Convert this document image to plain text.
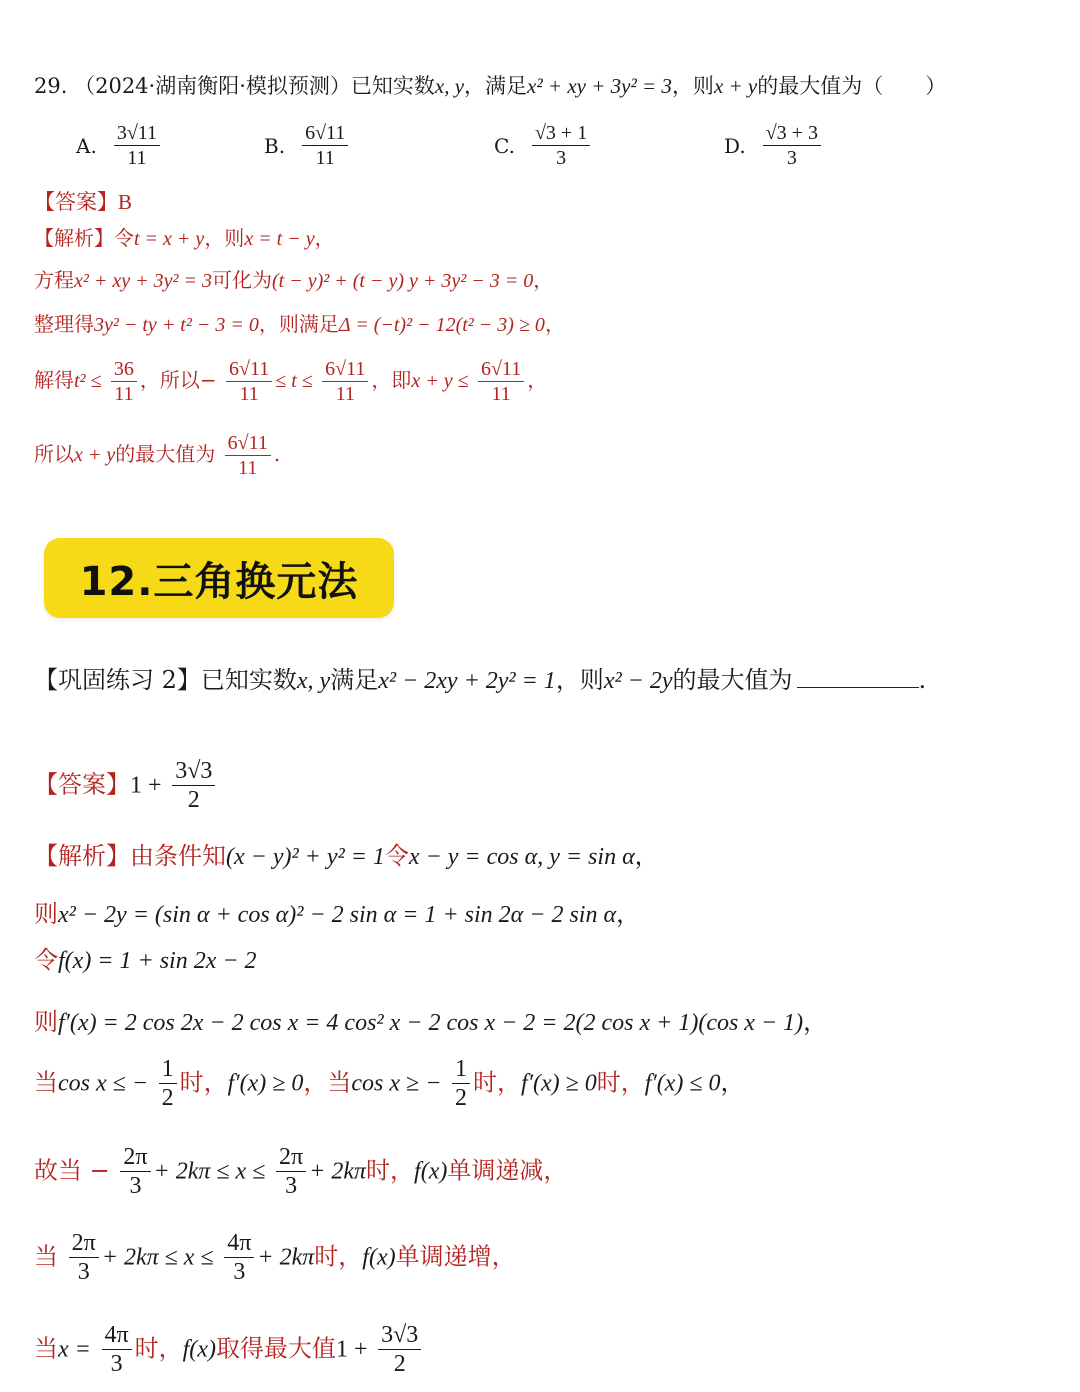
29. （2024·湖南衡阳·模拟预测）已知实数x, y，满足x² + xy + 3y² = 3，则x + y的最大值为（　　）
A. $\frac{3√11}{11}$	B. $\frac{6√11}{11}$	C. $\frac{√3 + 1}{3}$	D. $\frac{√3 + 3}{3}$
【答案】B
【解析】令t = x + y，则x = t − y，
方程x² + xy + 3y² = 3可化为(t − y)² + (t − y) y + 3y² − 3 = 0，
整理得3y² − ty + t² − 3 = 0，则满足Δ = (−t)² − 12(t² − 3) ≥ 0，
解得$t^2 \le \frac{36}{11}$ ，所以− $\frac{6√11}{11} \le t \le \frac{6√11}{11}$ ，即$x + y \le \frac{6√11}{11}$ ，
所以x + y的最大值为 $\frac{6√11}{11}$ .
12.三角换元法
【巩固练习 2】已知实数x, y满足x² − 2xy + 2y² = 1，则x² − 2y的最大值为	.
【答案】$1 + \frac{3√3}{2}$
【解析】由条件知(x − y)² + y² = 1令x − y = cos α, y = sin α，
则x² − 2y = (sin α + cos α)² − 2 sin α = 1 + sin 2α − 2 sin α，
令f(x) = 1 + sin 2x − 2
则f′(x) = 2 cos 2x − 2 cos x = 4 cos² x − 2 cos x − 2 = 2(2 cos x + 1)(cos x − 1)，
当cos x ≤ − $\frac{1}{2}$ 时，f′(x) ≥ 0，当cos x ≥ − $\frac{1}{2}$ 时，f′(x) ≥ 0时，f′(x) ≤ 0，
故当 − $\frac{2\pi}{3} + 2k\pi \le x \le \frac{2\pi}{3} + 2k\pi$时，f(x)单调递减，
当 $\frac{2\pi}{3} + 2k\pi \le x \le \frac{4\pi}{3} + 2k\pi$时，f(x)单调递增，
当$x = \frac{4\pi}{3}$ 时，f(x)取得最大值$1 + \frac{3√3}{2}$
